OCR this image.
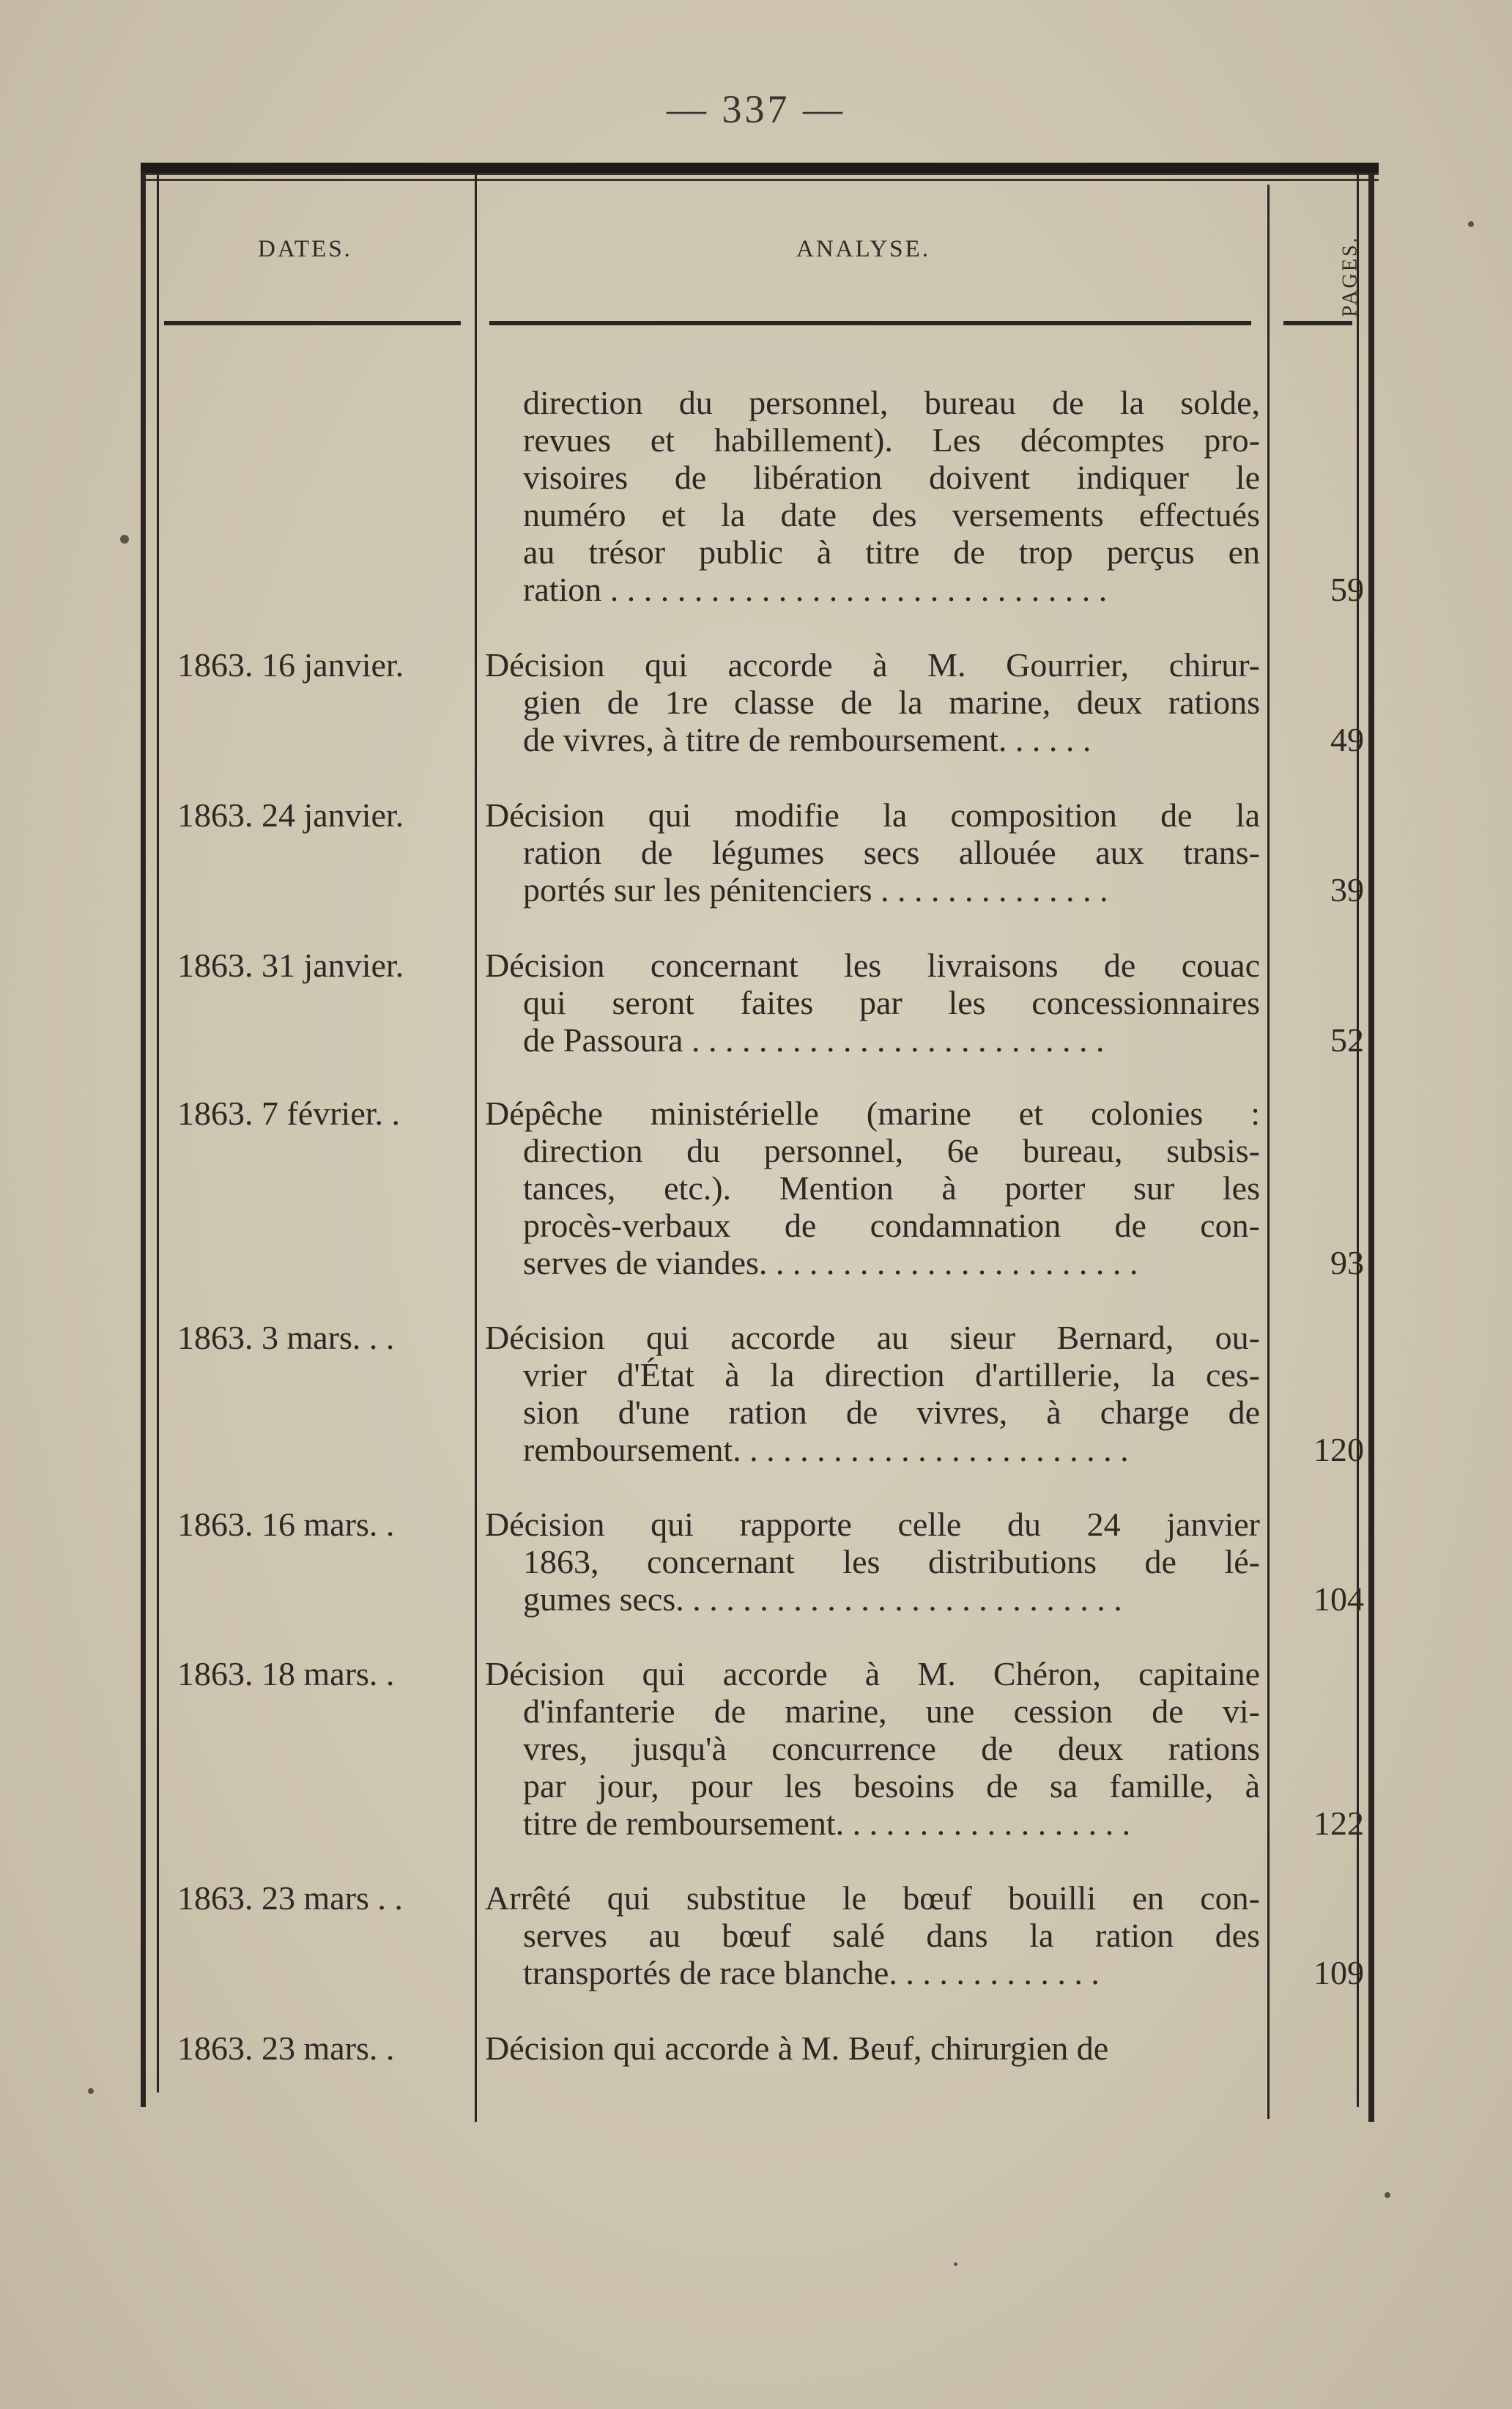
— 337 —
DATES.	ANALYSE.	PAGES.
direction du personnel, bureau de la solde,
revues et habillement). Les décomptes pro-
visoires de libération doivent indiquer le
numéro et la date des versements effectués
au trésor public à titre de trop perçus en
ration . . . . . . . . . . . . . . . . . . . . . . . . . . . . . .	59
1863. 16 janvier.	Décision qui accorde à M. Gourrier, chirur-
gien de 1re classe de la marine, deux rations
de vivres, à titre de remboursement. . . . . .	49
1863. 24 janvier.	Décision qui modifie la composition de la
ration de légumes secs allouée aux trans-
portés sur les pénitenciers . . . . . . . . . . . . . .	39
1863. 31 janvier.	Décision concernant les livraisons de couac
qui seront faites par les concessionnaires
de Passoura . . . . . . . . . . . . . . . . . . . . . . . . .	52
1863. 7 février. .	Dépêche ministérielle (marine et colonies :
direction du personnel, 6e bureau, subsis-
tances, etc.). Mention à porter sur les
procès-verbaux de condamnation de con-
serves de viandes. . . . . . . . . . . . . . . . . . . . . . .	93
1863. 3 mars. . .	Décision qui accorde au sieur Bernard, ou-
vrier d'État à la direction d'artillerie, la ces-
sion d'une ration de vivres, à charge de
remboursement. . . . . . . . . . . . . . . . . . . . . . . .	120
1863. 16 mars. .	Décision qui rapporte celle du 24 janvier
1863, concernant les distributions de lé-
gumes secs. . . . . . . . . . . . . . . . . . . . . . . . . . .	104
1863. 18 mars. .	Décision qui accorde à M. Chéron, capitaine
d'infanterie de marine, une cession de vi-
vres, jusqu'à concurrence de deux rations
par jour, pour les besoins de sa famille, à
titre de remboursement. . . . . . . . . . . . . . . . . .	122
1863. 23 mars . .	Arrêté qui substitue le bœuf bouilli en con-
serves au bœuf salé dans la ration des
transportés de race blanche. . . . . . . . . . . . .	109
1863. 23 mars. .	Décision qui accorde à M. Beuf, chirurgien de
